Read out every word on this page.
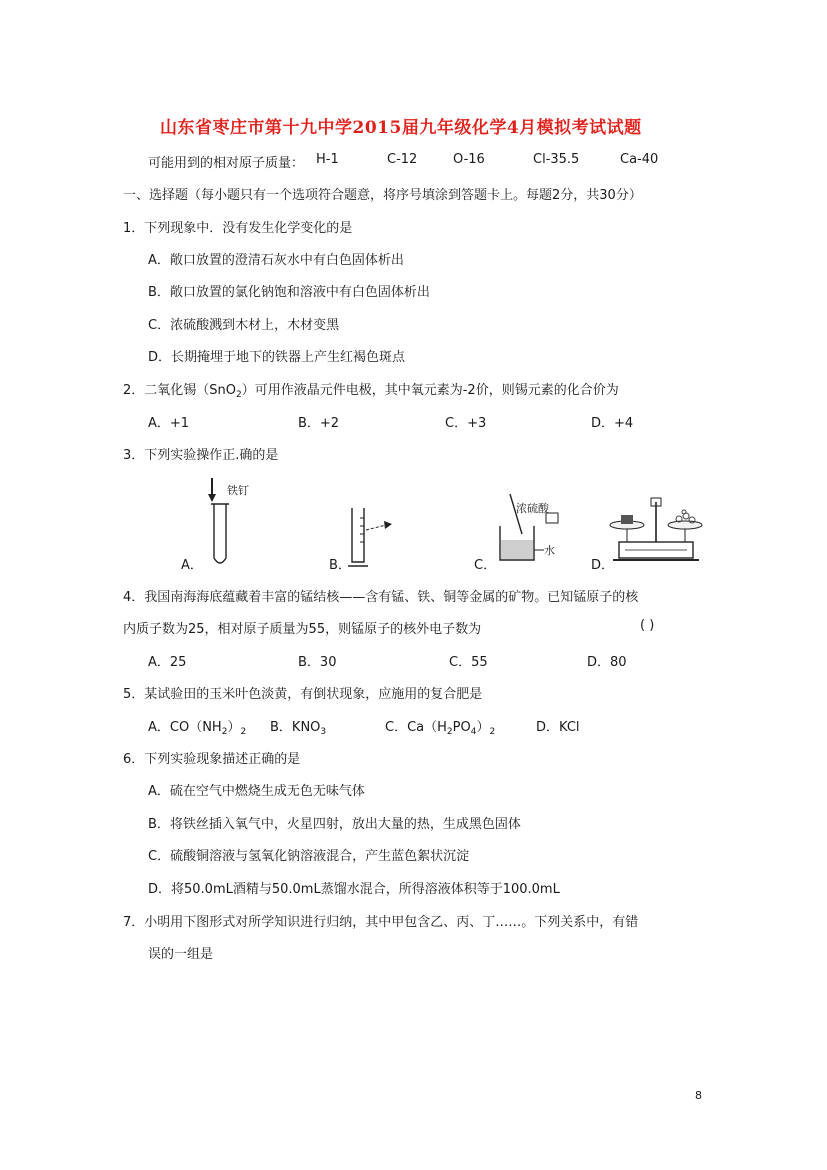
山东省枣庄市第十九中学2015届九年级化学4月模拟考试试题
可能用到的相对原子质量： H-1	C-12	O-16	Cl-35.5	Ca-40
一、选择题（每小题只有一个选项符合题意，将序号填涂到答题卡上。每题2分，共30分）
1．下列现象中．没有发生化学变化的是
A．敞口放置的澄清石灰水中有白色固体析出
B．敞口放置的氯化钠饱和溶液中有白色固体析出
C．浓硫酸溅到木材上，木材变黑
D．长期掩埋于地下的铁器上产生红褐色斑点
2．二氧化锡（SnO$_2$）可用作液晶元件电极，其中氧元素为-2价，则锡元素的化合价为
A．+1	B．+2	C．+3	D．+4
3．下列实验操作正.确的是
A．	B．	C．	D．
铁钉
浓硫酸
水
4．我国南海海底蕴藏着丰富的锰结核——含有锰、铁、铜等金属的矿物。已知锰原子的核
内质子数为25，相对原子质量为55，则锰原子的核外电子数为	( )
A．25	B．30	C．55	D．80
5．某试验田的玉米叶色淡黄，有倒状现象，应施用的复合肥是
A．$CO(NH_2)_2$ B．$KNO_3$	C．$Ca(H_2PO_4)_2$	D．KCl
6．下列实验现象描述正确的是
A．硫在空气中燃烧生成无色无味气体
B．将铁丝插入氧气中，火星四射，放出大量的热，生成黑色固体
C．硫酸铜溶液与氢氧化钠溶液混合，产生蓝色絮状沉淀
D．将50.0mL酒精与50.0mL蒸馏水混合，所得溶液体积等于100.0mL
7．小明用下图形式对所学知识进行归纳，其中甲包含乙、丙、丁……。下列关系中，有错
误的一组是
8
